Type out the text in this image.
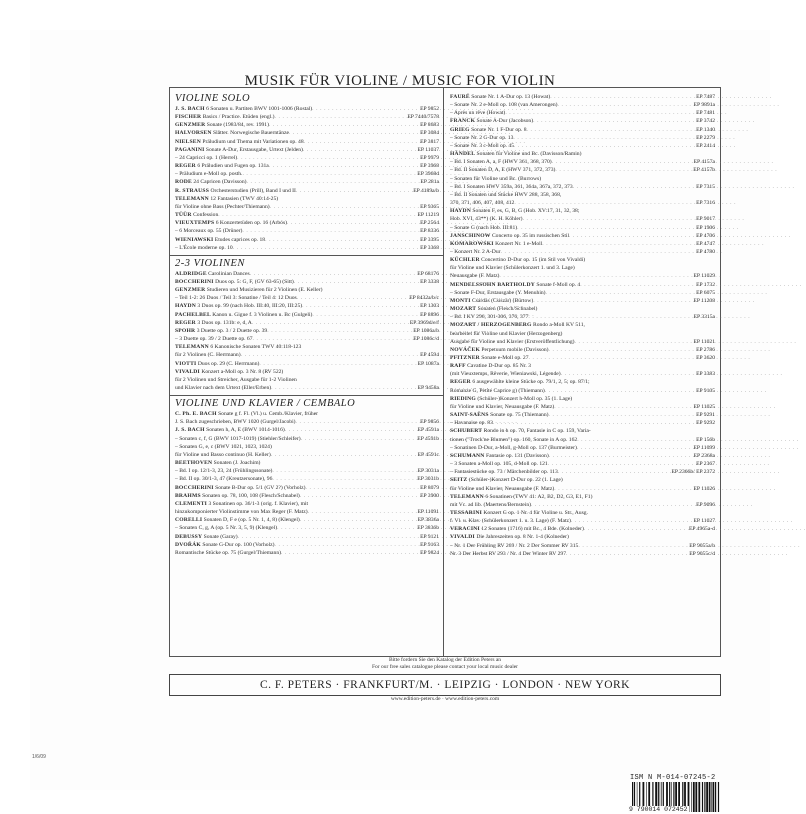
MUSIK FÜR VIOLINE / MUSIC FOR VIOLIN
VIOLINE SOLO
J. S. BACH 6 Sonaten u. Partiten BWV 1001-1006 (Rostal) . . .	EP 9852
FISCHER Basics / Practice. Etüden (engl.) . . .	EP 7440/7578
GENZMER Sonate (1983/84, rev. 1991) . . .	EP 8683
HALVORSEN Slåtter. Norwegische Bauerntänze . . .	EP 3084
NIELSEN Präludium und Thema mit Variationen op. 48 . . .	EP 3817
PAGANINI Sonate A-Dur, Erstausgabe, Urtext (Jelden) . . .	EP 11037
– 24 Capricci op. 1 (Herrel) . . .	EP 9979
REGER 6 Präludien und Fugen op. 131a . . .	EP 3968
– Präludium e-Moll op. posth. . . .	EP 3968d
RODE 24 Capricen (Davisson) . . .	EP 281a
R. STRAUSS Orchesterstudien (Prill), Band I und II . . .	EP 4189a/b
TELEMANN 12 Fantasien (TWV 40:14-25)
für Violine ohne Bass (Pechter/Thiemann) . . .	EP 9365
TÜÜR Confession . . .	EP 11219
VIEUXTEMPS 6 Konzertetüden op. 16 (Arbós) . . .	EP 2564
– 6 Morceaux op. 55 (Drüner) . . .	EP 8336
WIENIAWSKI Etudes caprices op. 18 . . .	EP 3395
– L'École moderne op. 10 . . .	EP 3368
2-3 VIOLINEN
ALDRIDGE Carolinian Dances . . .	EP 68176
BOCCHERINI Duos op. 5: G, F, (GV 63-65) (Sitt) . . .	EP 3338
GENZMER Studieren und Musizieren für 2 Violinen (E. Keller)
– Teil 1-2: 26 Duos / Teil 3: Sonatine / Teil 4: 12 Duos . . .	EP 8432a/b/c
HAYDN 3 Duos op. 99 (nach Hob. III:40, III:20, III:25) . . .	EP 1303
PACHELBEL Kanon u. Gigue f. 3 Violinen u. Bc (Gulgeli) . . .	EP 8896
REGER 3 Duos op. 131b: e, d, A . . .	EP 3969d/e/f
SPOHR 3 Duette op. 3 / 2 Duette op. 39 . . .	EP 1086a/b
– 3 Duette op. 39 / 2 Duette op. 67 . . .	EP 1086c/d
TELEMANN 6 Kanonische Sonaten TWV 40:118-123
für 2 Violinen (C. Herrmann) . . .	EP 4594
VIOTTI Duos op. 29 (C. Herrmann) . . .	EP 1087a
VIVALDI Konzert a-Moll op. 3 Nr. 8 (RV 522)
für 2 Violinen und Streicher, Ausgabe für 1-2 Violinen
und Klavier nach dem Urtext (Eller/Erben) . . .	EP 9458a
VIOLINE UND KLAVIER / CEMBALO
C. Ph. E. BACH Sonate g f. Fl. (Vl.) u. Cemb./Klavier, früher
J. S. Bach zugeschrieben, BWV 1020 (Gurgel/Jacobi) . . .	EP 9856
J. S. BACH Sonaten h, A, E (BWV 1014-1016) . . .	EP 4591a
– Sonaten c, f, G (BWV 1017-1019) (Stiehler/Schleifer) . . .	EP 4591b
– Sonaten G, e, c (BWV 1021, 1023, 1024)
für Violine und Basso continuo (H. Keller) . . .	EP 4591c
BEETHOVEN Sonaten (J. Joachim)
– Bd. I op. 12/1-3, 23, 24 (Frühlingssonate) . . .	EP 3031a
– Bd. II op. 30/1-3, 47 (Kreutzersonate), 96 . . .	EP 3031b
BOCCHERINI Sonate B-Dur op. 5/1 (GV 2?) (Vorholz) . . .	EP 8079
BRAHMS Sonaten op. 78, 100, 108 (Flesch/Schnabel) . . .	EP 3900
CLEMENTI 3 Sonatinen op. 36/1-3 (orig. f. Klavier), mit
hinzukomponierter Violinstimme von Max Reger (F. Matz) . . .	EP 11091
CORELLI Sonaten D, F e (op. 5 Nr. 1, 4, 8) (Klengel) . . .	EP 3836a
– Sonaten C, g, A (op. 5 Nr. 3, 5, 9) (Klengel) . . .	EP 3836b
DEBUSSY Sonate (Garay) . . .	EP 9121
DVOŘÁK Sonate G-Dur op. 100 (Vorholz) . . .	EP 9163
Romantische Stücke op. 75 (Gurgel/Thiemann) . . .	EP 9824
FAURÉ Sonate Nr. 1 A-Dur op. 13 (Howat) . . .	EP 7487
– Sonate Nr. 2 e-Moll op. 108 (van Amerongen) . . .	EP 9891a
– Après un rêve (Howat) . . .	EP 7481
FRANCK Sonate A-Dur (Jacobson) . . .	EP 3742
GRIEG Sonate Nr. 1 F-Dur op. 8 . . .	EP 1340
– Sonate Nr. 2 G-Dur op. 13 . . .	EP 2279
– Sonate Nr. 3 c-Moll op. 45 . . .	EP 2414
HÄNDEL Sonaten für Violine und Bc. (Davisson/Ramin)
– Bd. I Sonaten A, a, F (HWV 361, 368, 370) . . .	EP 4157a
– Bd. II Sonaten D, A, E (HWV 371, 372, 373) . . .	EP 4157b
– Sonaten für Violine und Bc. (Burrows)
– Bd. I Sonaten HWV 359a, 361, 364a, 367a, 372, 373 . . .	EP 7315
– Bd. II Sonaten und Stücke HWV 288, 358, 368,
370, 371, 406, 407, 408, 412 . . .	EP 7316
HAYDN Sonaten F, es, G, B, G (Hob. XV:17, 31, 32, 38;
Hob. XVI, 43**) (K. H. Köhler) . . .	EP 9017
– Sonate G (nach Hob. III:81) . . .	EP 1906
JANSCHINOW Concerto op. 35 im russischen Stil . . .	EP 4706
KOMAROWSKI Konzert Nr. 1 e-Moll . . .	EP 4747
– Konzert Nr. 2 A-Dur . . .	EP 4780
KÜCHLER Concertino D-Dur op. 15 (im Stil von Vivaldi)
für Violine und Klavier (Schülerkonzert 1. und 3. Lage)
Neuausgabe (F. Matz) . . .	EP 11029
MENDELSSOHN BARTHOLDY Sonate f-Moll op. 4 . . .	EP 1732
– Sonate F-Dur, Erstausgabe (Y. Menuhin) . . .	EP 6075
MONTI Csárdás (Csiszár) (Bürtow) . . .	EP 11208
MOZART Sonaten (Flesch/Schnabel)
– Bd. I KV 296, 301-306, 376, 377 . . .	EP 3315a
MOZART / HERZOGENBERG Rondo a-Moll KV 511,
bearbeitet für Violine und Klavier (Herzogenberg)
Ausgabe für Violine und Klavier (Erstveröffentlichung) . . .	EP 11021
NOVÁČEK Perpetuum mobile (Davisson) . . .	EP 2786
PFITZNER Sonate e-Moll op. 27 . . .	EP 3620
RAFF Cavatine D-Dur op. 85 Nr. 3
(mit Vieuxtemps, Rêverie, Wieniawski, Légende) . . .	EP 3383
REGER 6 ausgewählte kleine Stücke op. 79/1, 2, 5; op. 87/1;
Romanze G, Petite Caprice g) (Thiemann) . . .	EP 9105
RIEDING (Schüler-)Konzert h-Moll op. 35 (1. Lage)
für Violine und Klavier, Neuausgabe (F. Matz) . . .	EP 11025
SAINT-SAËNS Sonate op. 75 (Thiemann) . . .	EP 9291
– Havanaise op. 83 . . .	EP 9292
SCHUBERT Rondo in h op. 70, Fantasie in C op. 159, Varia-
tionen ("Trock'ne Blumen") op. 160, Sonate in A op. 162 . . .	EP 156b
– Sonatinen D-Dur, a-Moll, g-Moll op. 137 (Burmeister) . . .	EP 11099
SCHUMANN Fantasie op. 131 (Davisson) . . .	EP 2368a
– 3 Sonaten a-Moll op. 105, d-Moll op. 121 . . .	EP 2367
– Fantasiestücke op. 73 / Märchenbilder op. 113 . . .	EP 2366b/ EP 2372
SEITZ (Schüler-)Konzert D-Dur op. 22 (1. Lage)
für Violine und Klavier, Neuausgabe (F. Matz) . . .	EP 11026
TELEMANN 6 Sonatinen (TWV 41: A2, B2, D2, G3, E1, F1)
mit Vc. ad lib. (Maertens/Bernstein) . . .	EP 9096
TESSARINI Konzert G op. 1 Nr. 4 für Violine u. Str., Ausg.
f. Vl. u. Klav. (Schülerkonzert 1. u. 3. Lage) (F. Matz) . . .	EP 11027
VERACINI 12 Sonaten (1716) mit Bc., 4 Bde. (Kolneder) . . .	EP 4965a-d
VIVALDI Die Jahreszeiten op. 8 Nr. 1-4 (Kolneder)
– Nr. 1 Der Frühling RV 269 / Nr. 2 Der Sommer RV 315 . . .	EP 9055a/b
Nr. 3 Der Herbst RV 293 / Nr. 4 Der Winter RV 297 . . .	EP 9055c/d
Bitte fordern Sie den Katalog der Edition Peters an
For our free sales catalogue please contact your local music dealer
C. F. PETERS · FRANKFURT/M. · LEIPZIG · LONDON · NEW YORK
www.edition-peters.de · www.edition-peters.com
1/6/09
ISM N M-014-07245-2
9 790014 072452
